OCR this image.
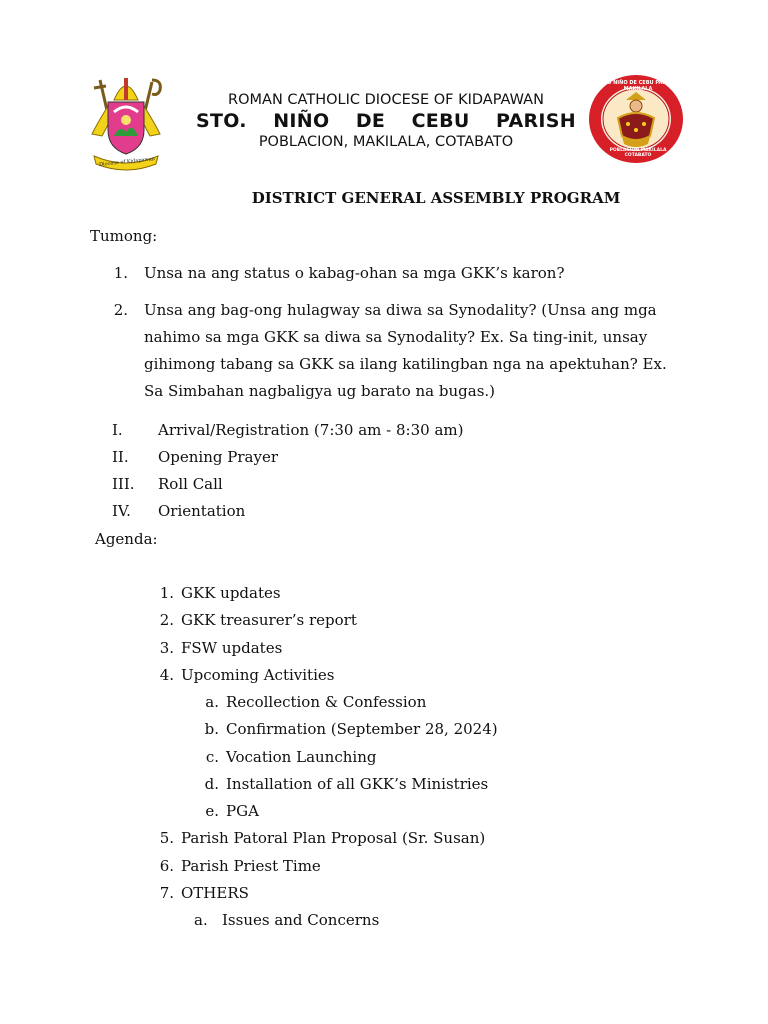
Diocese of Kidapawan
ROMAN CATHOLIC DIOCESE OF KIDAPAWAN
STO. NIÑO DE CEBU PARISH
POBLACION, MAKILALA, COTABATO
STO NIÑO DE CEBU PARISH MAKILALA
POBLACION MAKILALA COTABATO
DISTRICT GENERAL ASSEMBLY PROGRAM
Tumong:
1. Unsa na ang status o kabag-ohan sa mga GKK’s karon?
2. Unsa ang bag-ong hulagway sa diwa sa Synodality? (Unsa ang mga
nahimo sa mga GKK sa diwa sa Synodality? Ex. Sa ting-init, unsay
gihimong tabang sa GKK sa ilang katilingban nga na apektuhan? Ex.
Sa Simbahan nagbaligya ug barato na bugas.)
I. Arrival/Registration (7:30 am - 8:30 am)
II. Opening Prayer
III. Roll Call
IV. Orientation
Agenda:
1. GKK updates
2. GKK treasurer’s report
3. FSW updates
4. Upcoming Activities
a. Recollection & Confession
b. Confirmation (September 28, 2024)
c. Vocation Launching
d. Installation of all GKK’s Ministries
e. PGA
5. Parish Patoral Plan Proposal (Sr. Susan)
6. Parish Priest Time
7. OTHERS
a. Issues and Concerns
